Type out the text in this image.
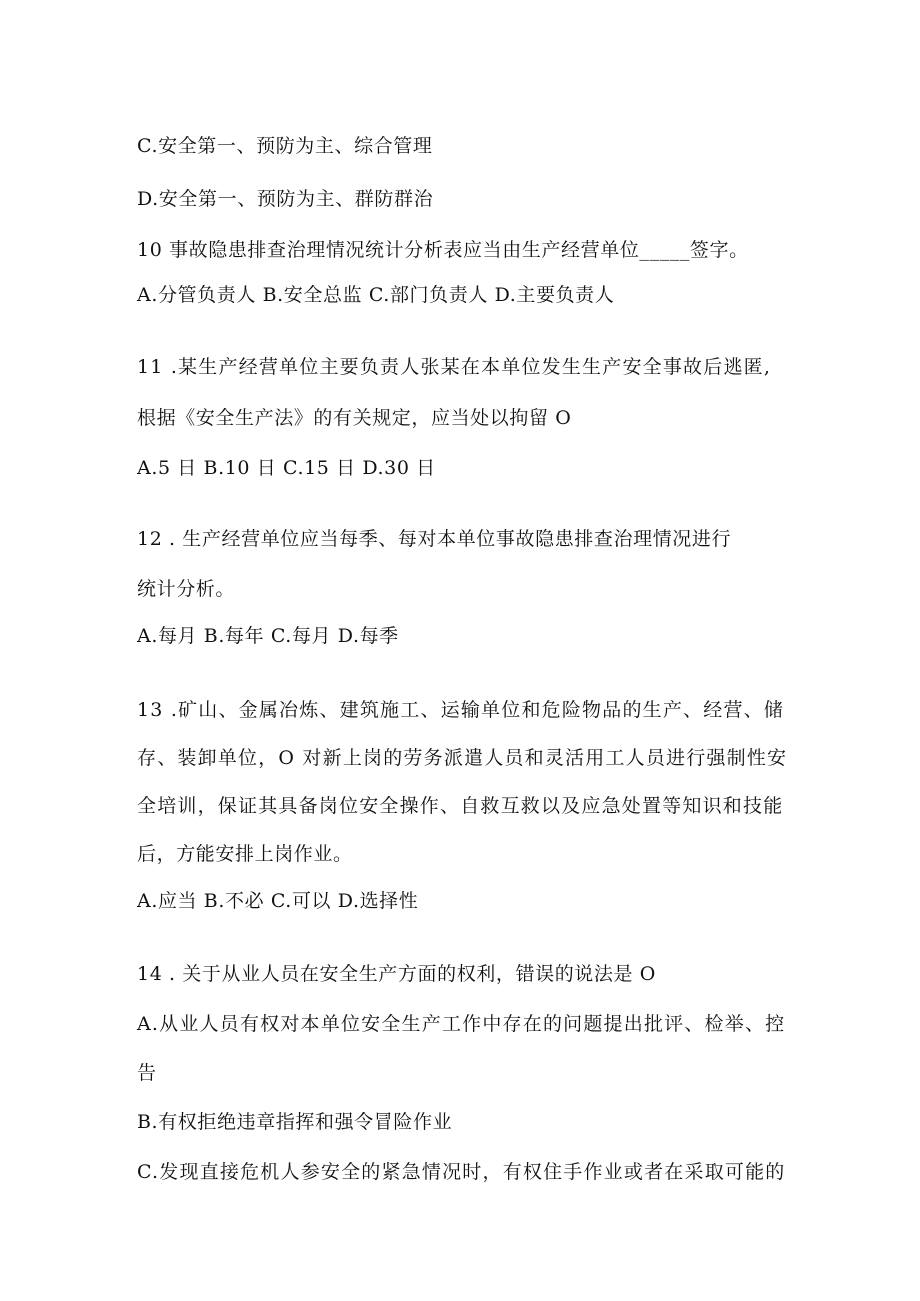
C.安全第一、预防为主、综合管理
D.安全第一、预防为主、群防群治
10 事故隐患排查治理情况统计分析表应当由生产经营单位_____签字。
A.分管负责人 B.安全总监 C.部门负责人 D.主要负责人
11 .某生产经营单位主要负责人张某在本单位发生生产安全事故后逃匿,
根据《安全生产法》的有关规定，应当处以拘留 O
A.5 日 B.10 日 C.15 日 D.30 日
12 . 生产经营单位应当每季、每对本单位事故隐患排查治理情况进行
统计分析。
A.每月 B.每年 C.每月 D.每季
13 .矿山、金属冶炼、建筑施工、运输单位和危险物品的生产、经营、储
存、装卸单位，O 对新上岗的劳务派遣人员和灵活用工人员进行强制性安
全培训，保证其具备岗位安全操作、自救互救以及应急处置等知识和技能
后，方能安排上岗作业。
A.应当 B.不必 C.可以 D.选择性
14 . 关于从业人员在安全生产方面的权利，错误的说法是 O
A.从业人员有权对本单位安全生产工作中存在的问题提出批评、检举、控
告
B.有权拒绝违章指挥和强令冒险作业
C.发现直接危机人参安全的紧急情况时，有权住手作业或者在采取可能的
